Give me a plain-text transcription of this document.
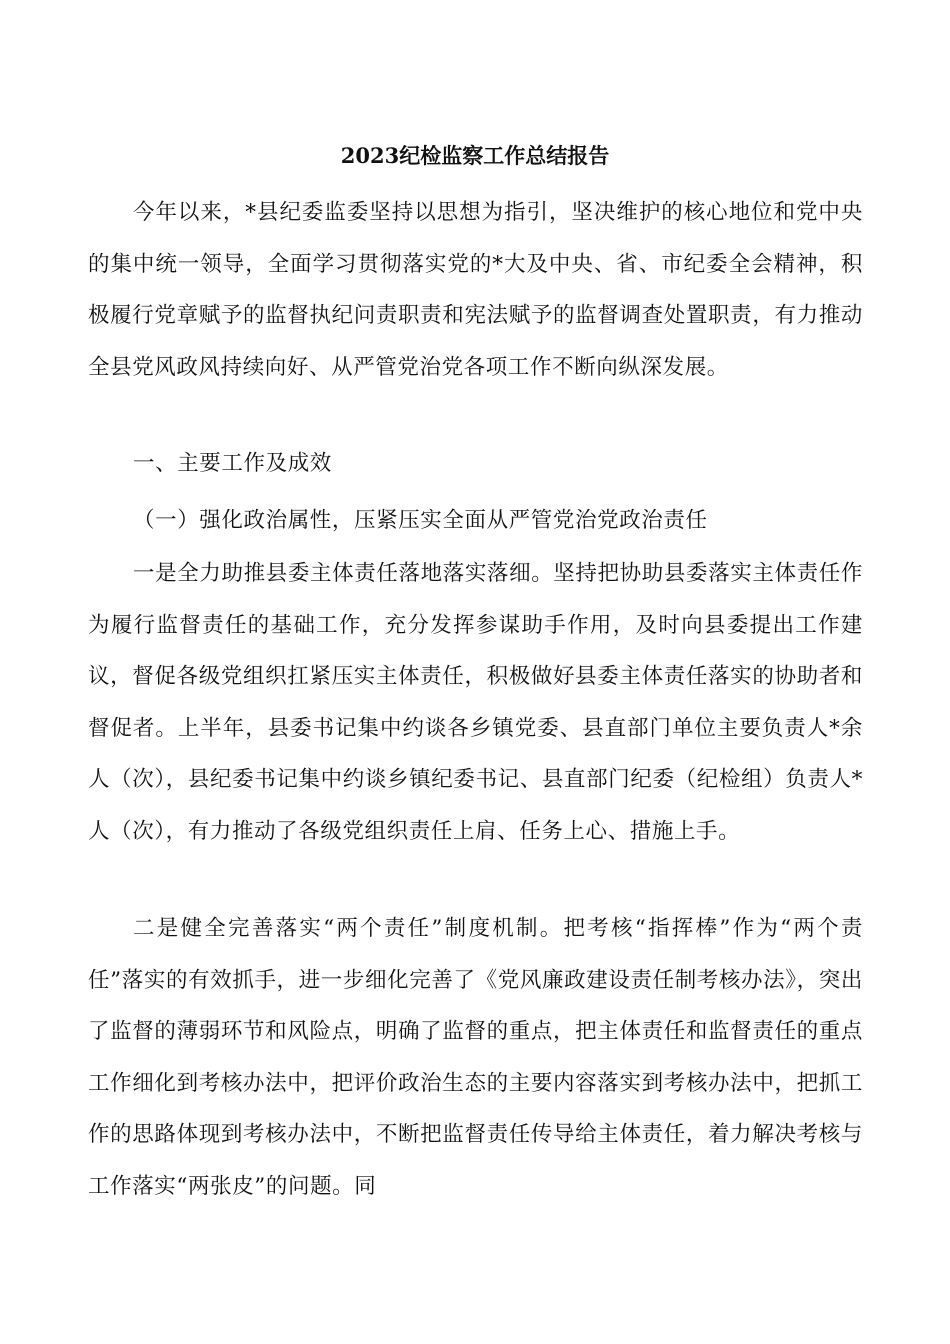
2023纪检监察工作总结报告
今年以来，*县纪委监委坚持以思想为指引，坚决维护的核心地位和党中央的集中统一领导，全面学习贯彻落实党的*大及中央、省、市纪委全会精神，积极履行党章赋予的监督执纪问责职责和宪法赋予的监督调查处置职责，有力推动全县党风政风持续向好、从严管党治党各项工作不断向纵深发展。
一、主要工作及成效
（一）强化政治属性，压紧压实全面从严管党治党政治责任
一是全力助推县委主体责任落地落实落细。坚持把协助县委落实主体责任作为履行监督责任的基础工作，充分发挥参谋助手作用，及时向县委提出工作建议，督促各级党组织扛紧压实主体责任，积极做好县委主体责任落实的协助者和督促者。上半年，县委书记集中约谈各乡镇党委、县直部门单位主要负责人*余人（次），县纪委书记集中约谈乡镇纪委书记、县直部门纪委（纪检组）负责人*人（次），有力推动了各级党组织责任上肩、任务上心、措施上手。
二是健全完善落实“两个责任”制度机制。把考核“指挥棒”作为“两个责任”落实的有效抓手，进一步细化完善了《党风廉政建设责任制考核办法》，突出了监督的薄弱环节和风险点，明确了监督的重点，把主体责任和监督责任的重点工作细化到考核办法中，把评价政治生态的主要内容落实到考核办法中，把抓工作的思路体现到考核办法中，不断把监督责任传导给主体责任，着力解决考核与工作落实“两张皮”的问题。同
